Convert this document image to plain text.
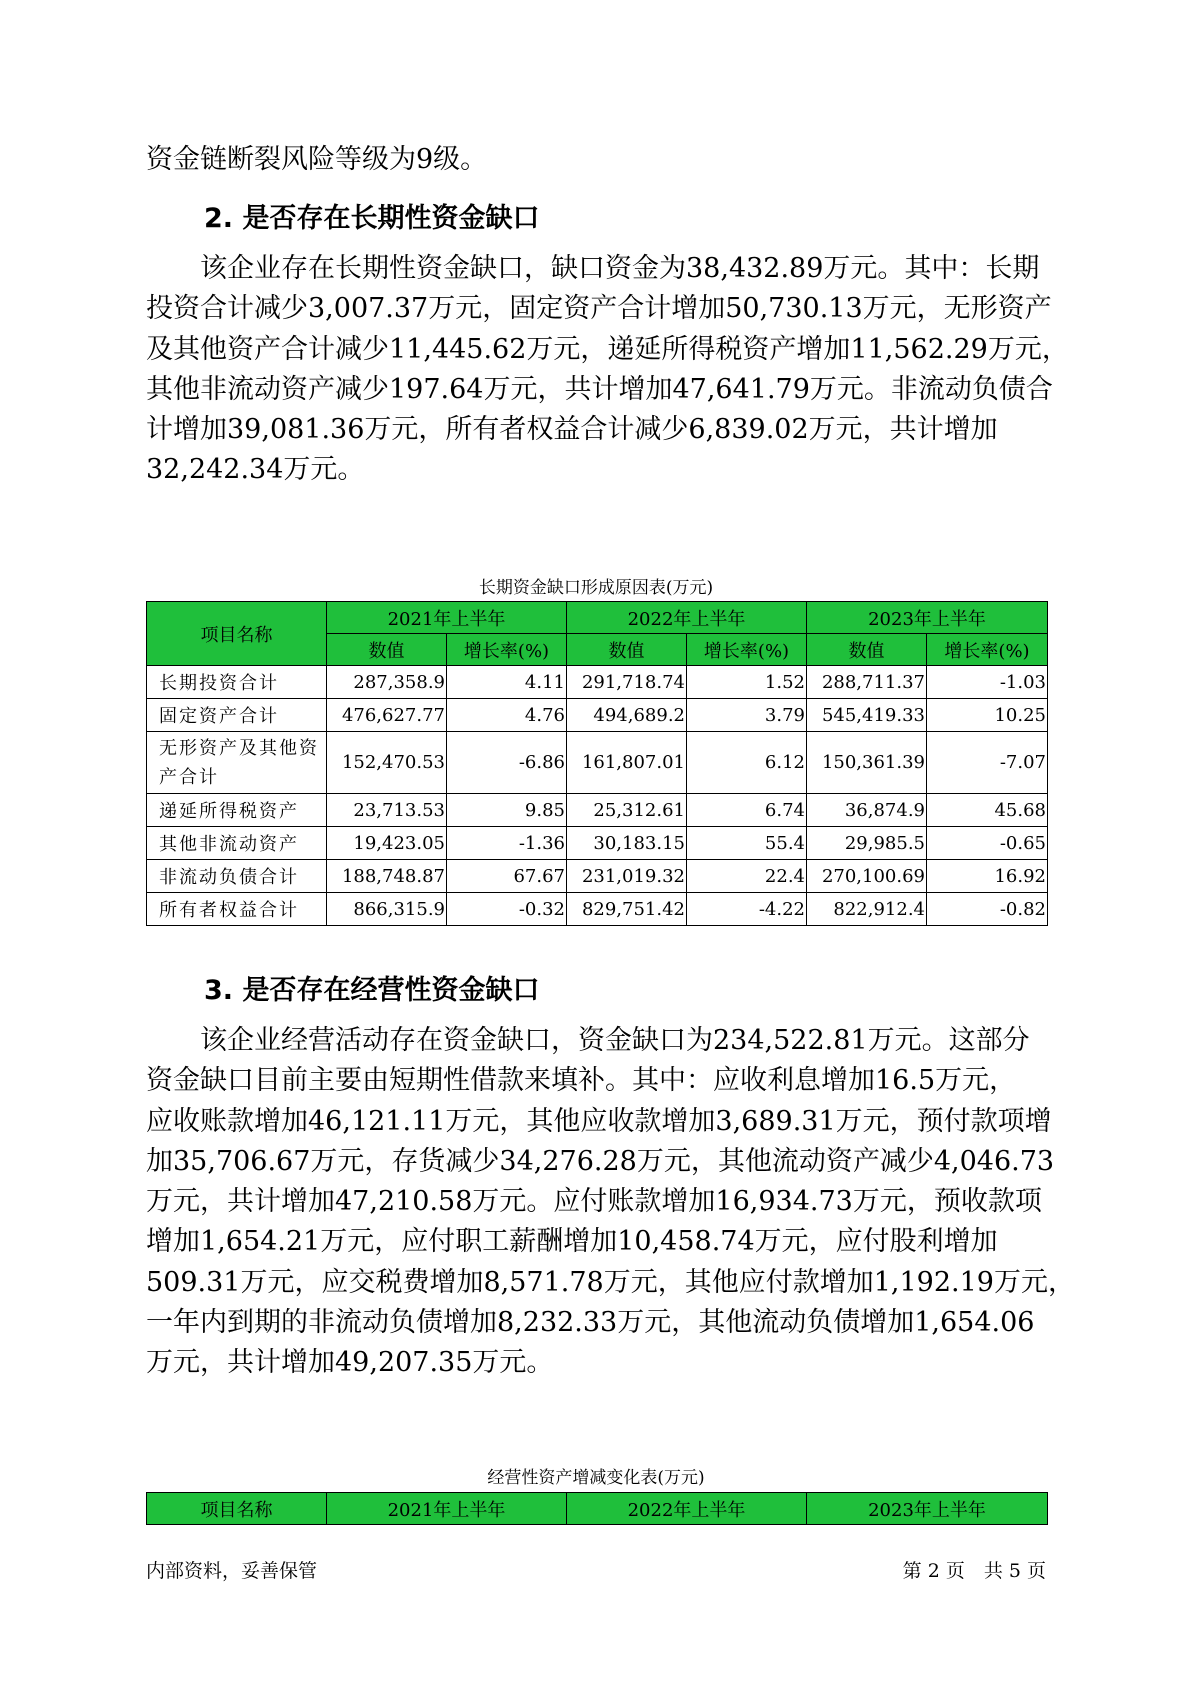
资金链断裂风险等级为9级。

2. 是否存在长期性资金缺口
　　该企业存在长期性资金缺口，缺口资金为38,432.89万元。其中：长期
投资合计减少3,007.37万元，固定资产合计增加50,730.13万元，无形资产
及其他资产合计减少11,445.62万元，递延所得税资产增加11,562.29万元，
其他非流动资产减少197.64万元，共计增加47,641.79万元。非流动负债合
计增加39,081.36万元，所有者权益合计减少6,839.02万元，共计增加
32,242.34万元。

长期资金缺口形成原因表(万元)

项目名称	2021年上半年		2022年上半年		2023年上半年	
	数值	增长率(%)	数值	增长率(%)	数值	增长率(%)
长期投资合计	287,358.9	4.11	291,718.74	1.52	288,711.37	-1.03
固定资产合计	476,627.77	4.76	494,689.2	3.79	545,419.33	10.25
无形资产及其他资产合计	152,470.53	-6.86	161,807.01	6.12	150,361.39	-7.07
递延所得税资产	23,713.53	9.85	25,312.61	6.74	36,874.9	45.68
其他非流动资产	19,423.05	-1.36	30,183.15	55.4	29,985.5	-0.65
非流动负债合计	188,748.87	67.67	231,019.32	22.4	270,100.69	16.92
所有者权益合计	866,315.9	-0.32	829,751.42	-4.22	822,912.4	-0.82
3. 是否存在经营性资金缺口
　　该企业经营活动存在资金缺口，资金缺口为234,522.81万元。这部分
资金缺口目前主要由短期性借款来填补。其中：应收利息增加16.5万元，
应收账款增加46,121.11万元，其他应收款增加3,689.31万元，预付款项增
加35,706.67万元，存货减少34,276.28万元，其他流动资产减少4,046.73
万元，共计增加47,210.58万元。应付账款增加16,934.73万元，预收款项
增加1,654.21万元，应付职工薪酬增加10,458.74万元，应付股利增加
509.31万元，应交税费增加8,571.78万元，其他应付款增加1,192.19万元，
一年内到期的非流动负债增加8,232.33万元，其他流动负债增加1,654.06
万元，共计增加49,207.35万元。

经营性资产增减变化表(万元)

项目名称	2021年上半年	2022年上半年	2023年上半年

内部资料，妥善保管	第 2 页　共 5 页
